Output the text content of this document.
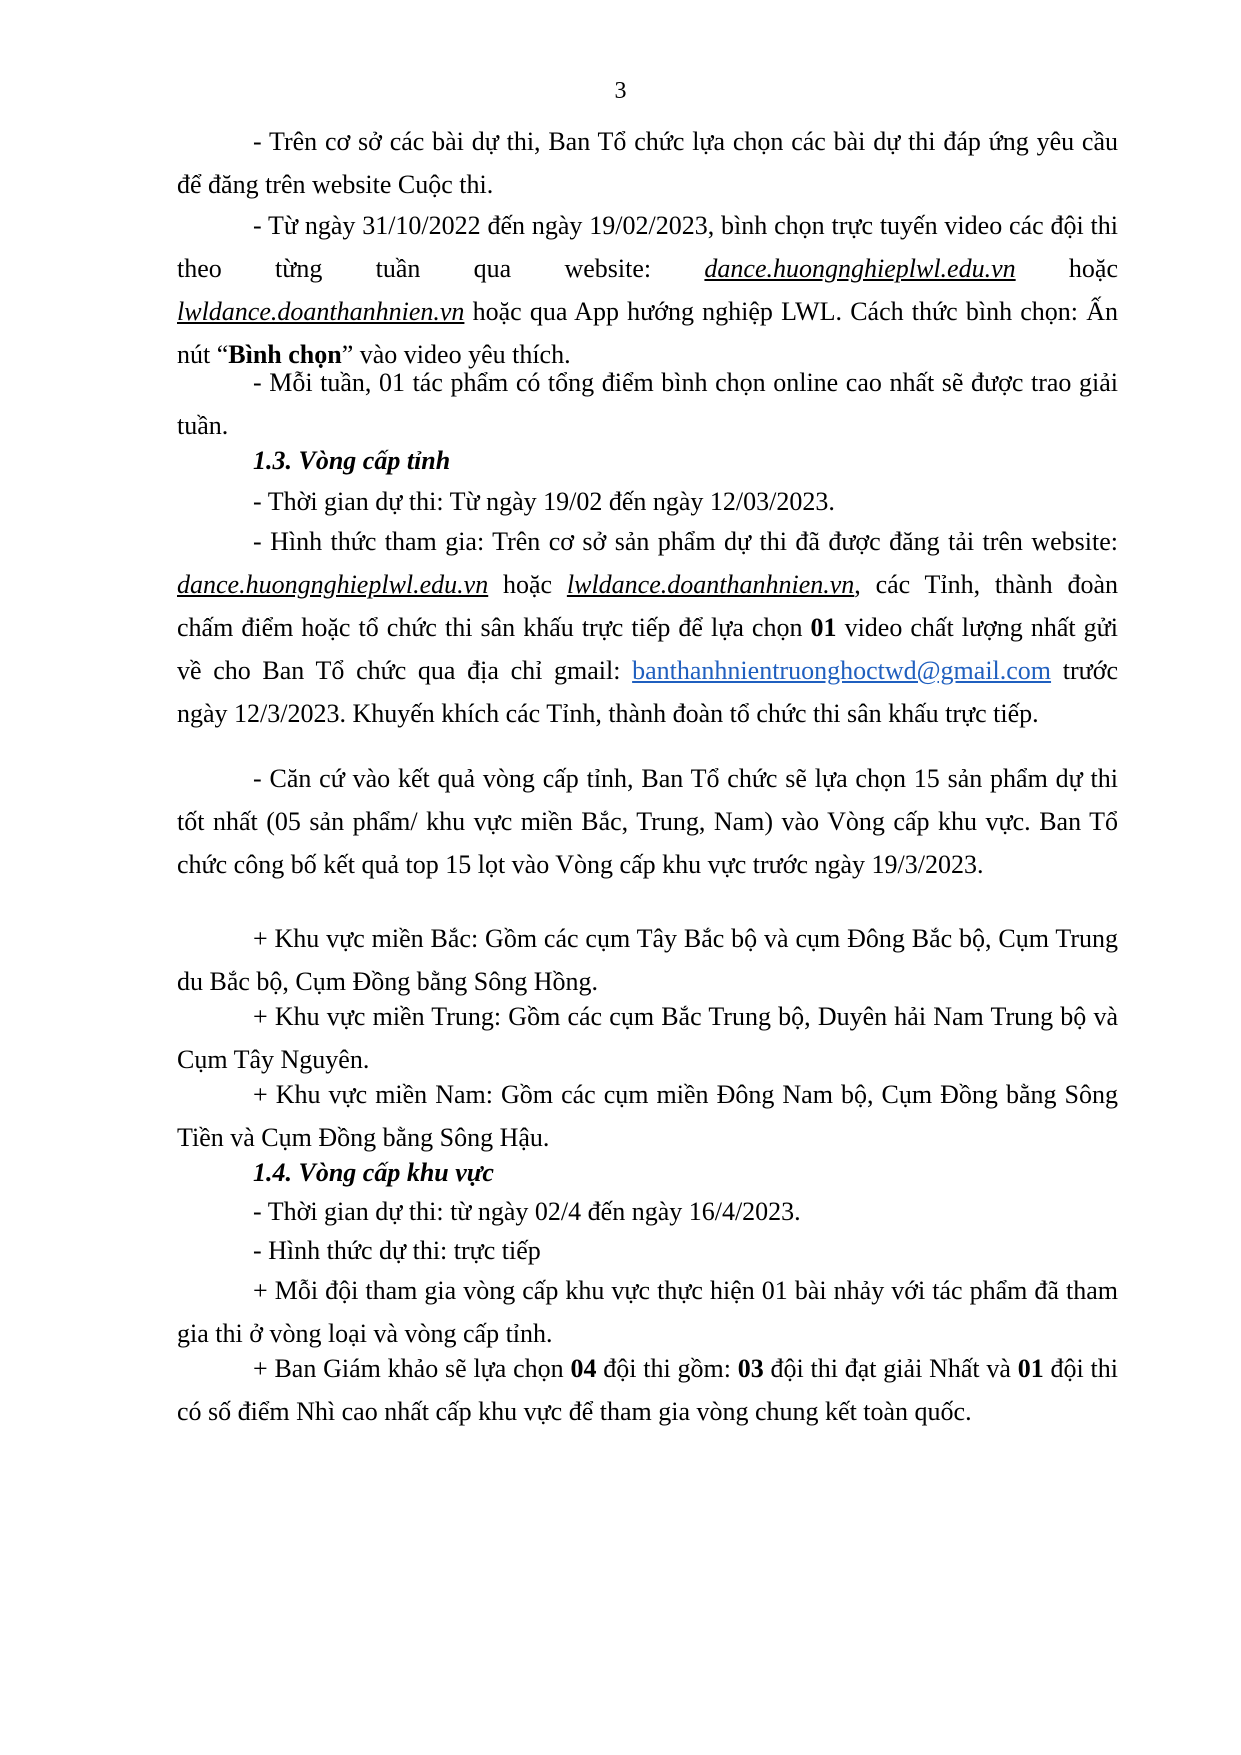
3

- Trên cơ sở các bài dự thi, Ban Tổ chức lựa chọn các bài dự thi đáp ứng yêu cầu để đăng trên website Cuộc thi.

- Từ ngày 31/10/2022 đến ngày 19/02/2023, bình chọn trực tuyến video các đội thi theo từng tuần qua website: dance.huongnghieplwl.edu.vn hoặc lwldance.doanthanhnien.vn hoặc qua App hướng nghiệp LWL. Cách thức bình chọn: Ấn nút “Bình chọn” vào video yêu thích.

- Mỗi tuần, 01 tác phẩm có tổng điểm bình chọn online cao nhất sẽ được trao giải tuần.

1.3. Vòng cấp tỉnh

- Thời gian dự thi: Từ ngày 19/02 đến ngày 12/03/2023.

- Hình thức tham gia: Trên cơ sở sản phẩm dự thi đã được đăng tải trên website: dance.huongnghieplwl.edu.vn hoặc lwldance.doanthanhnien.vn, các Tỉnh, thành đoàn chấm điểm hoặc tổ chức thi sân khấu trực tiếp để lựa chọn 01 video chất lượng nhất gửi về cho Ban Tổ chức qua địa chỉ gmail: banthanhnientruonghoctwd@gmail.com trước ngày 12/3/2023. Khuyến khích các Tỉnh, thành đoàn tổ chức thi sân khấu trực tiếp.

- Căn cứ vào kết quả vòng cấp tỉnh, Ban Tổ chức sẽ lựa chọn 15 sản phẩm dự thi tốt nhất (05 sản phẩm/ khu vực miền Bắc, Trung, Nam) vào Vòng cấp khu vực. Ban Tổ chức công bố kết quả top 15 lọt vào Vòng cấp khu vực trước ngày 19/3/2023.

+ Khu vực miền Bắc: Gồm các cụm Tây Bắc bộ và cụm Đông Bắc bộ, Cụm Trung du Bắc bộ, Cụm Đồng bằng Sông Hồng.

+ Khu vực miền Trung: Gồm các cụm Bắc Trung bộ, Duyên hải Nam Trung bộ và Cụm Tây Nguyên.

+ Khu vực miền Nam: Gồm các cụm miền Đông Nam bộ, Cụm Đồng bằng Sông Tiền và Cụm Đồng bằng Sông Hậu.

1.4. Vòng cấp khu vực

- Thời gian dự thi: từ ngày 02/4 đến ngày 16/4/2023.

- Hình thức dự thi: trực tiếp

+ Mỗi đội tham gia vòng cấp khu vực thực hiện 01 bài nhảy với tác phẩm đã tham gia thi ở vòng loại và vòng cấp tỉnh.

+ Ban Giám khảo sẽ lựa chọn 04 đội thi gồm: 03 đội thi đạt giải Nhất và 01 đội thi có số điểm Nhì cao nhất cấp khu vực để tham gia vòng chung kết toàn quốc.
